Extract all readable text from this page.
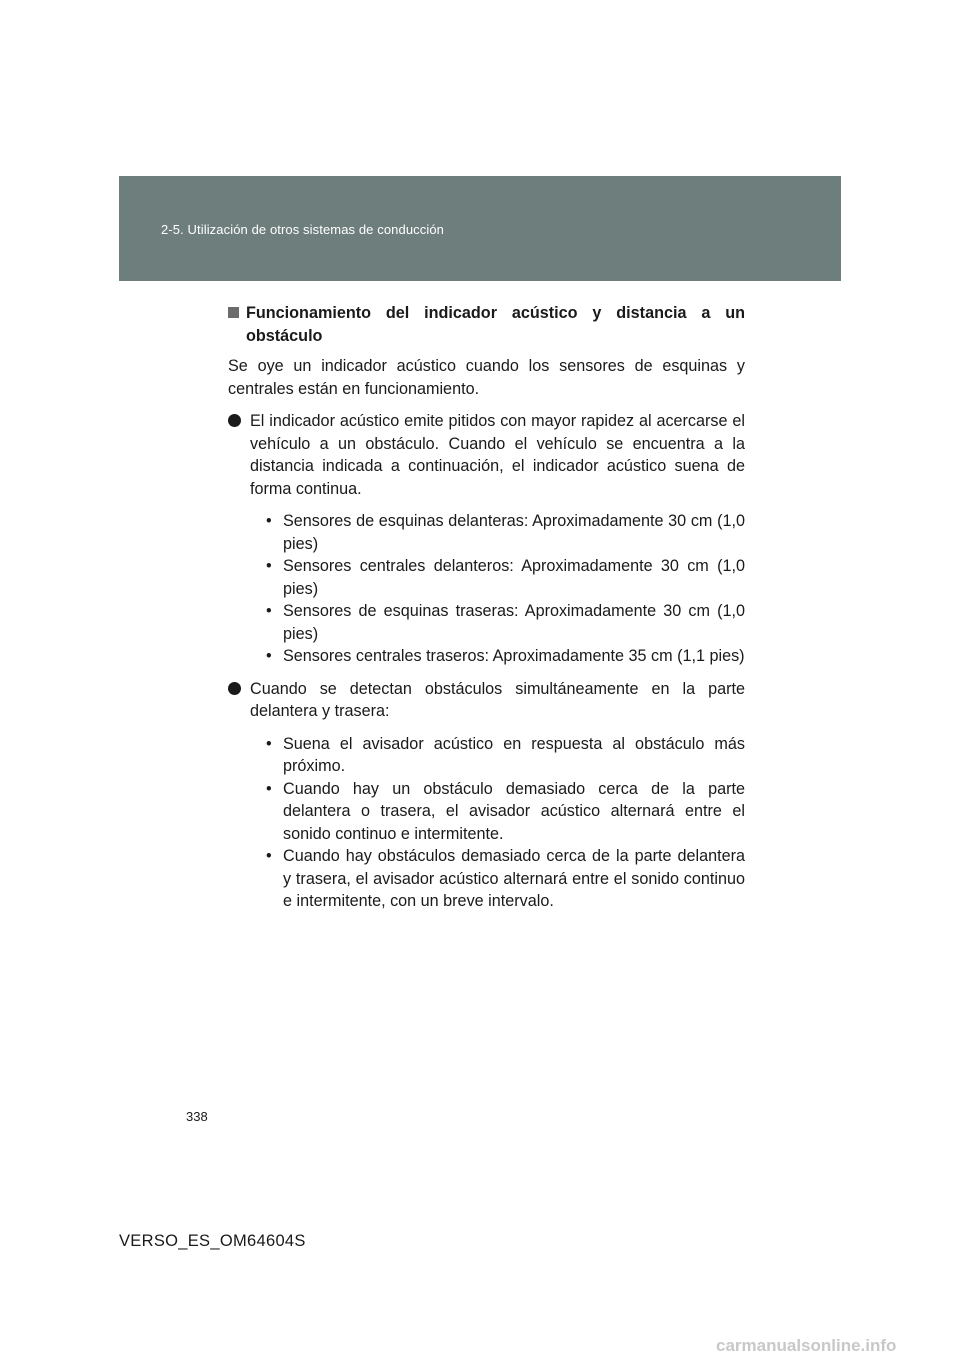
2-5. Utilización de otros sistemas de conducción
Funcionamiento del indicador acústico y distancia a un obstáculo
Se oye un indicador acústico cuando los sensores de esquinas y centrales están en funcionamiento.
El indicador acústico emite pitidos con mayor rapidez al acercarse el vehículo a un obstáculo. Cuando el vehículo se encuentra a la distancia indicada a continuación, el indicador acústico suena de forma continua.
• Sensores de esquinas delanteras: Aproximadamente 30 cm (1,0 pies)
• Sensores centrales delanteros: Aproximadamente 30 cm (1,0 pies)
• Sensores de esquinas traseras: Aproximadamente 30 cm (1,0 pies)
• Sensores centrales traseros: Aproximadamente 35 cm (1,1 pies)
Cuando se detectan obstáculos simultáneamente en la parte delantera y trasera:
• Suena el avisador acústico en respuesta al obstáculo más próximo.
• Cuando hay un obstáculo demasiado cerca de la parte delantera o trasera, el avisador acústico alternará entre el sonido continuo e intermitente.
• Cuando hay obstáculos demasiado cerca de la parte delantera y trasera, el avisador acústico alternará entre el sonido continuo e intermitente, con un breve intervalo.
338
VERSO_ES_OM64604S
carmanualsonline.info
